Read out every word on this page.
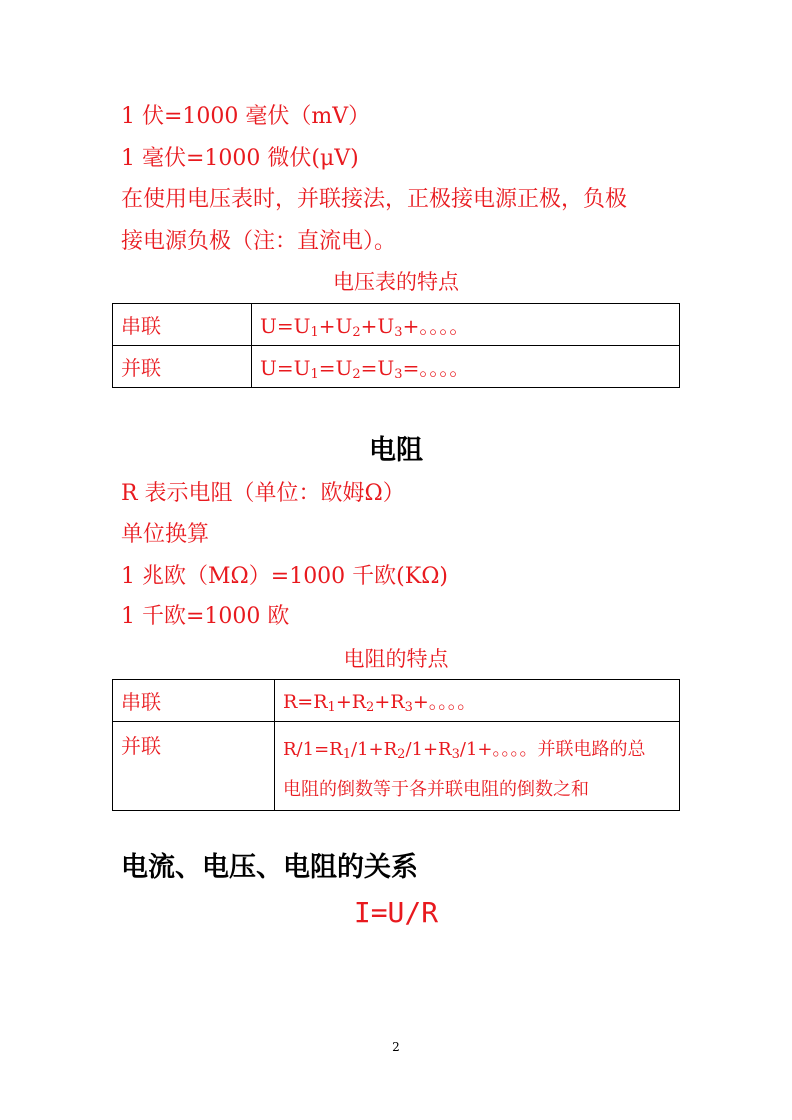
1 伏=1000 毫伏（mV）
1 毫伏=1000 微伏(μV)
在使用电压表时，并联接法，正极接电源正极，负极
接电源负极（注：直流电）。
电压表的特点
串联	$U=U_1+U_2+U_3+$。。。。
并联	$U=U_1=U_2=U_3=$。。。。
电阻
R 表示电阻（单位：欧姆Ω）
单位换算
1 兆欧（MΩ）=1000 千欧(KΩ)
1 千欧=1000 欧
电阻的特点
串联	$R=R_1+R_2+R_3+$。。。。
并联	$R/1=R_1/1+R_2/1+R_3/1+$。。。。并联电路的总
电阻的倒数等于各并联电阻的倒数之和
电流、电压、电阻的关系
I=U/R
2
